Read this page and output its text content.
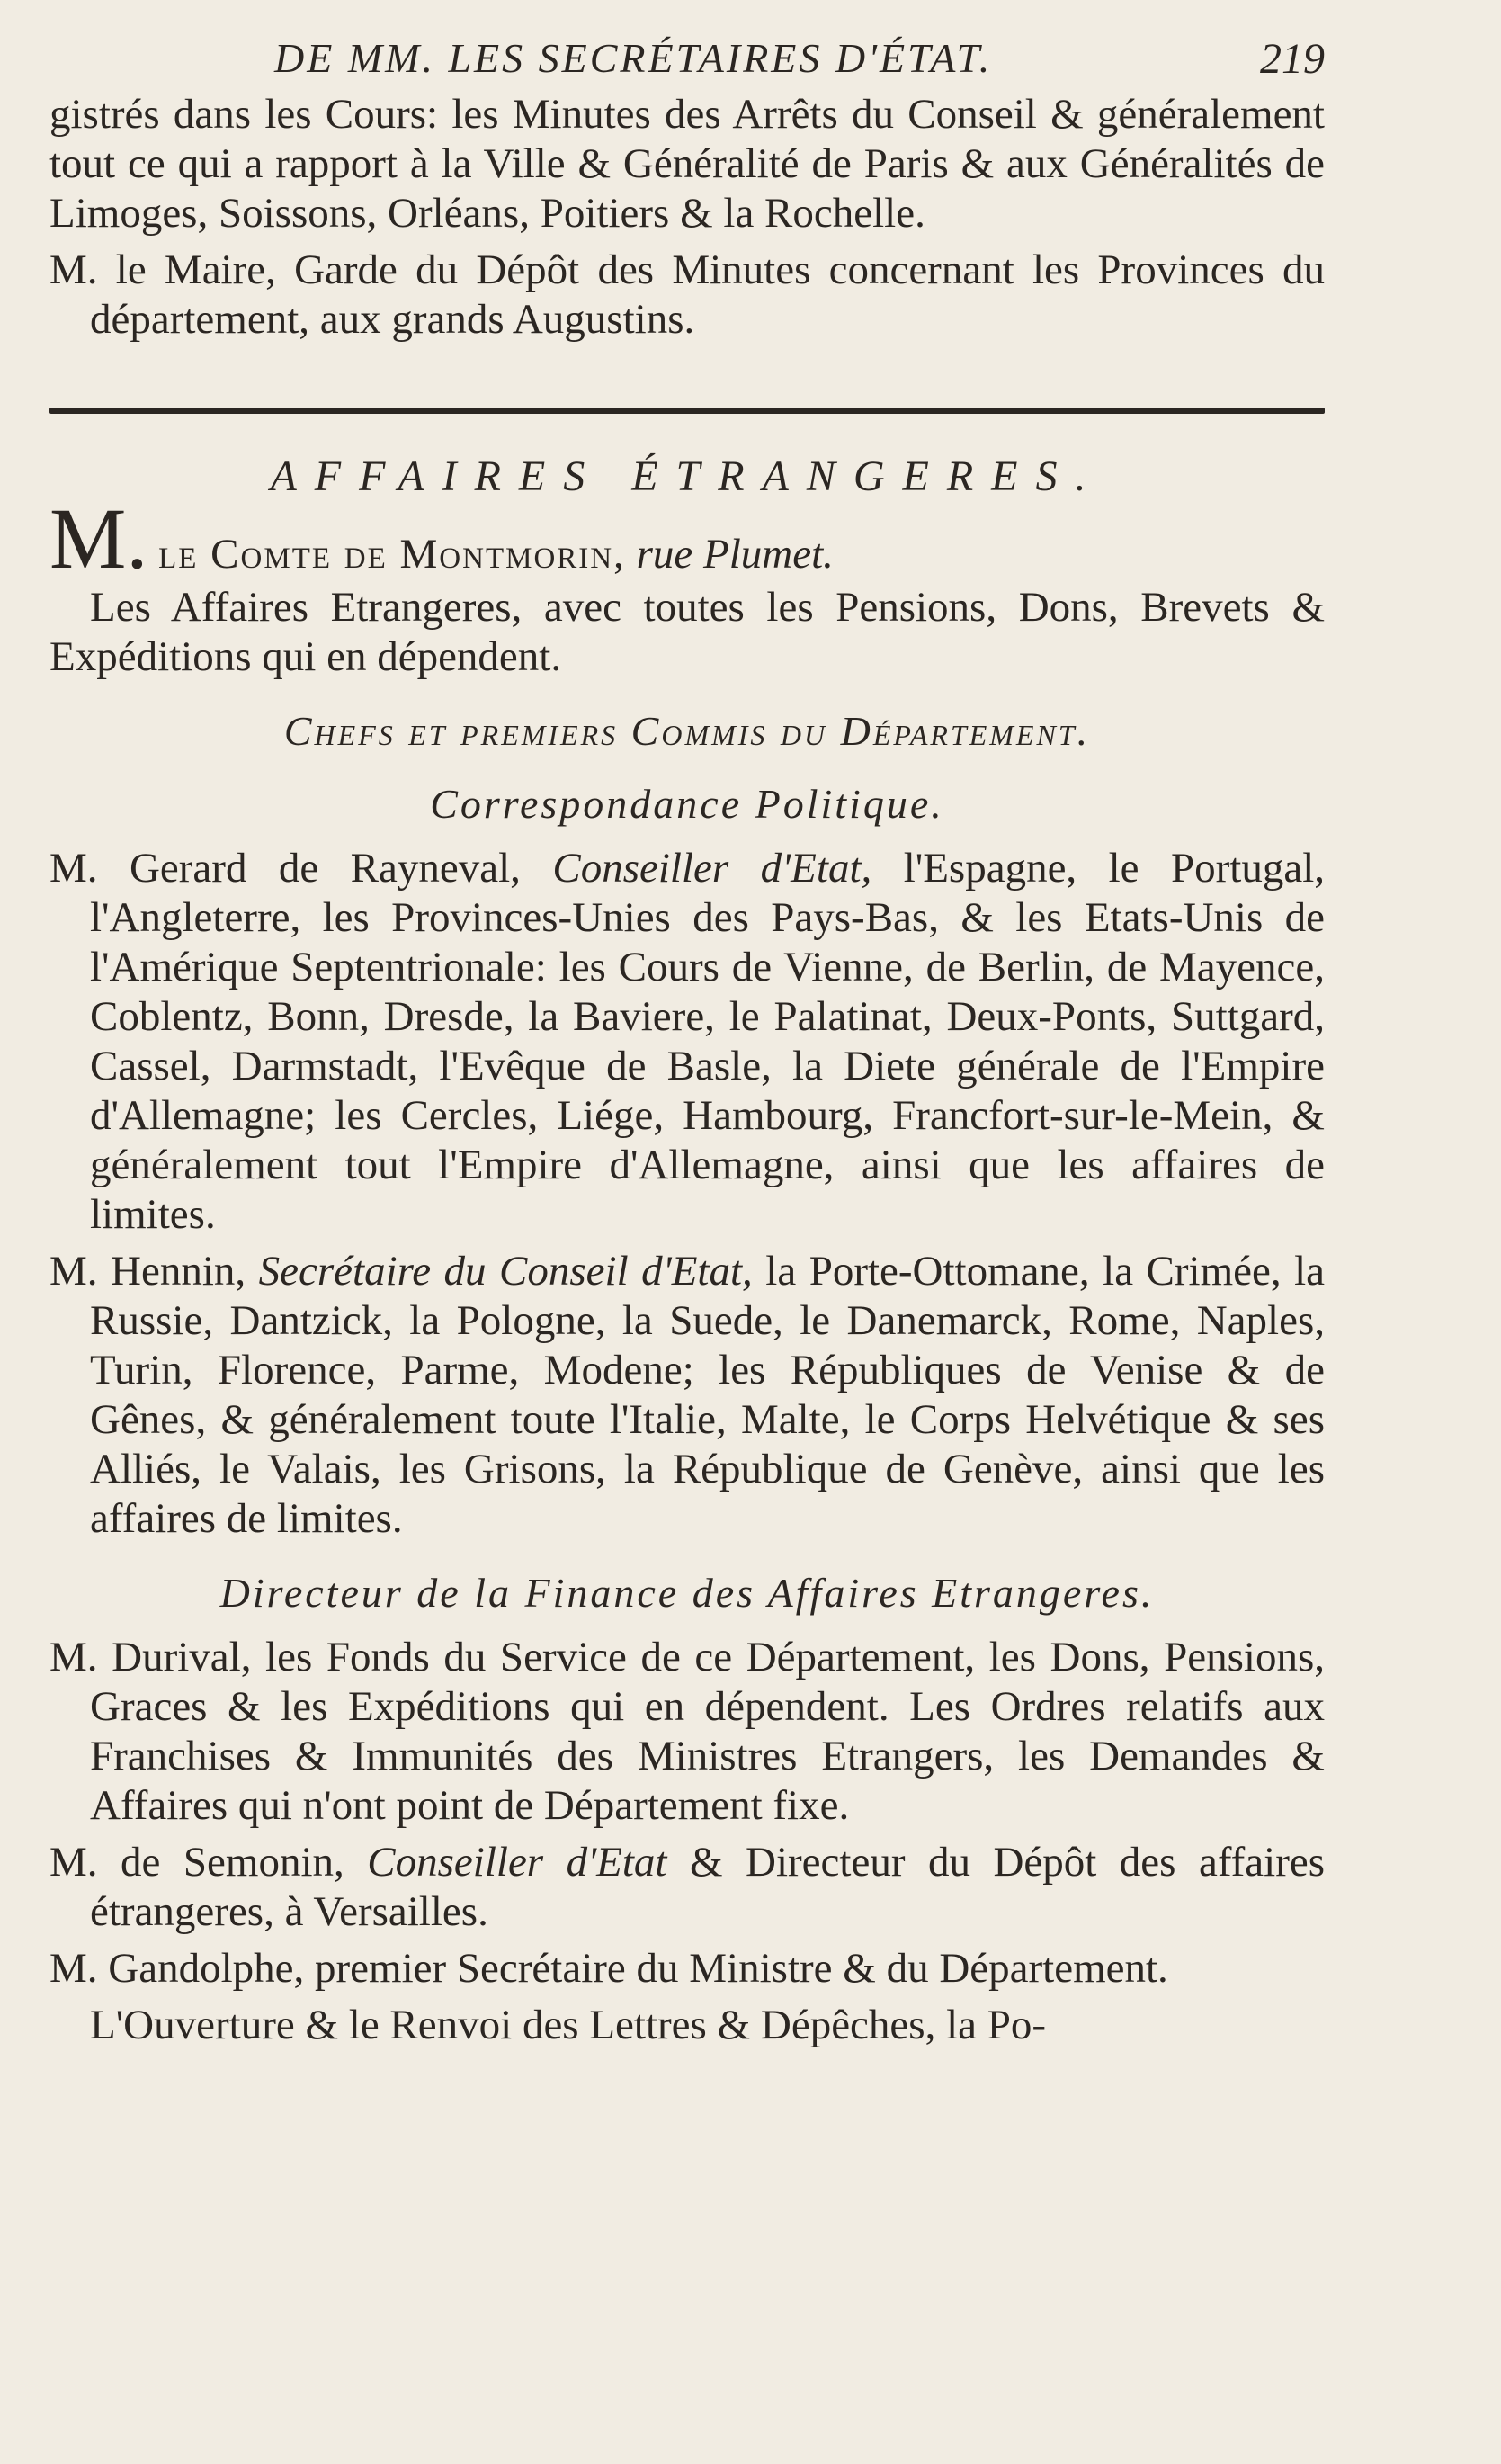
DE MM. LES SECRÉTAIRES D'ÉTAT.	219

gistrés dans les Cours: les Minutes des Arrêts du Conseil & généralement tout ce qui a rapport à la Ville & Généralité de Paris & aux Généralités de Limoges, Soissons, Orléans, Poitiers & la Rochelle.

M. le Maire, Garde du Dépôt des Minutes concernant les Provinces du département, aux grands Augustins.

AFFAIRES ÉTRANGERES.

M. le Comte de Montmorin, rue Plumet.

Les Affaires Etrangeres, avec toutes les Pensions, Dons, Brevets & Expéditions qui en dépendent.

Chefs et premiers Commis du Département.
Correspondance Politique.

M. Gerard de Rayneval, Conseiller d'Etat, l'Espagne, le Portugal, l'Angleterre, les Provinces-Unies des Pays-Bas, & les Etats-Unis de l'Amérique Septentrionale: les Cours de Vienne, de Berlin, de Mayence, Coblentz, Bonn, Dresde, la Baviere, le Palatinat, Deux-Ponts, Suttgard, Cassel, Darmstadt, l'Evêque de Basle, la Diete générale de l'Empire d'Allemagne; les Cercles, Liége, Hambourg, Francfort-sur-le-Mein, & généralement tout l'Empire d'Allemagne, ainsi que les affaires de limites.

M. Hennin, Secrétaire du Conseil d'Etat, la Porte-Ottomane, la Crimée, la Russie, Dantzick, la Pologne, la Suede, le Danemarck, Rome, Naples, Turin, Florence, Parme, Modene; les Républiques de Venise & de Gênes, & généralement toute l'Italie, Malte, le Corps Helvétique & ses Alliés, le Valais, les Grisons, la République de Genève, ainsi que les affaires de limites.

Directeur de la Finance des Affaires Etrangeres.

M. Durival, les Fonds du Service de ce Département, les Dons, Pensions, Graces & les Expéditions qui en dépendent. Les Ordres relatifs aux Franchises & Immunités des Ministres Etrangers, les Demandes & Affaires qui n'ont point de Département fixe.

M. de Semonin, Conseiller d'Etat & Directeur du Dépôt des affaires étrangeres, à Versailles.

M. Gandolphe, premier Secrétaire du Ministre & du Département.

L'Ouverture & le Renvoi des Lettres & Dépêches, la Po-
